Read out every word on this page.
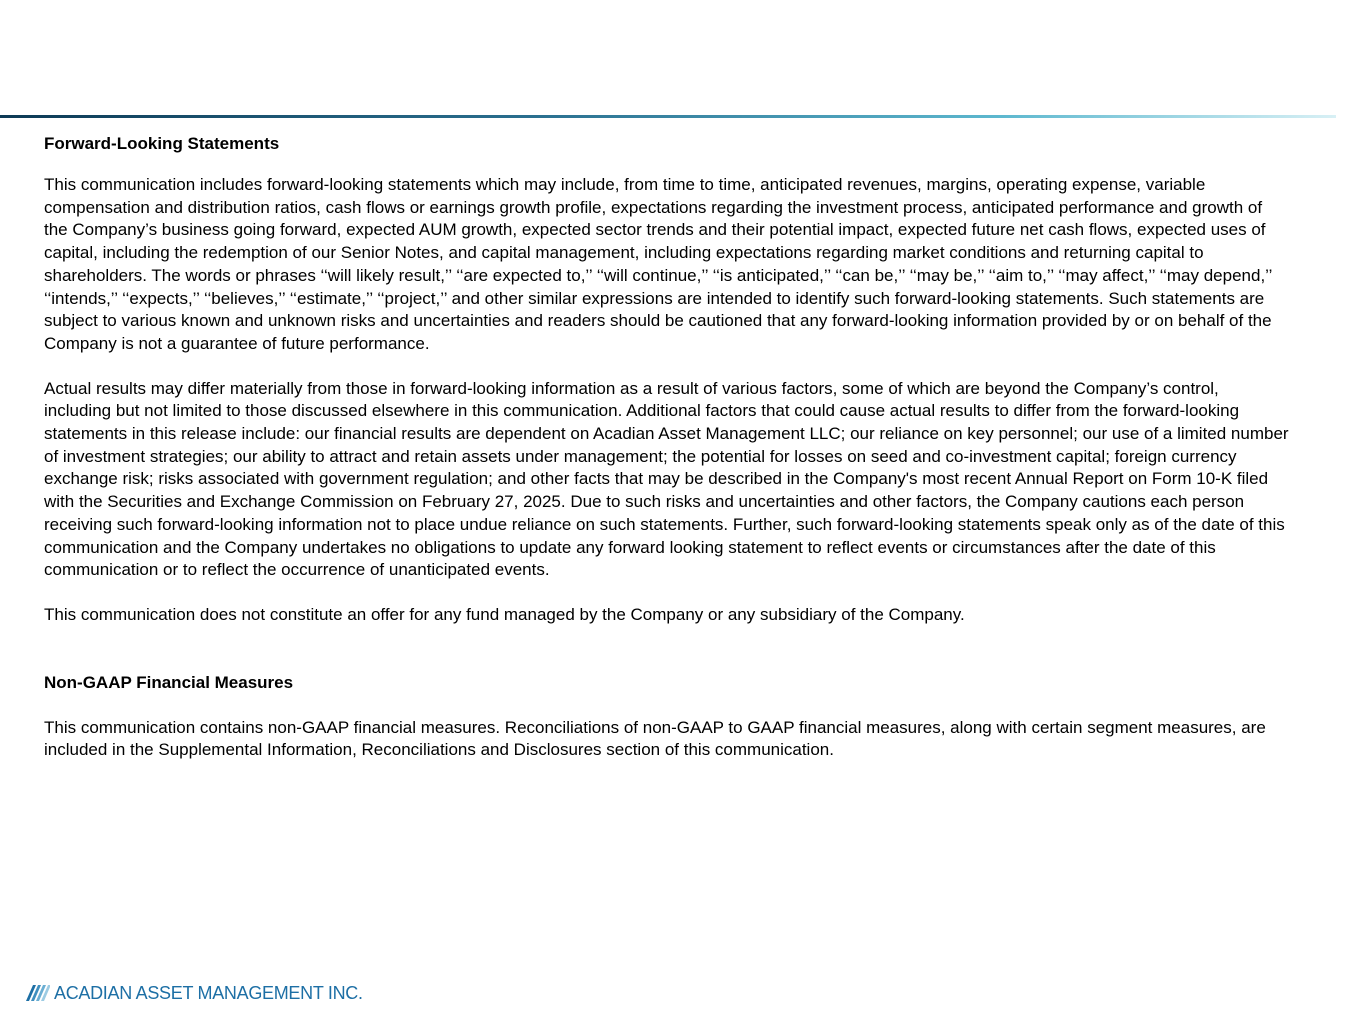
Forward-Looking Statements

This communication includes forward-looking statements which may include, from time to time, anticipated revenues, margins, operating expense, variable compensation and distribution ratios, cash flows or earnings growth profile, expectations regarding the investment process, anticipated performance and growth of the Company’s business going forward, expected AUM growth, expected sector trends and their potential impact, expected future net cash flows, expected uses of capital, including the redemption of our Senior Notes, and capital management, including expectations regarding market conditions and returning capital to shareholders. The words or phrases ‘‘will likely result,’’ ‘‘are expected to,’’ ‘‘will continue,’’ ‘‘is anticipated,’’ ‘‘can be,’’ ‘‘may be,’’ ‘‘aim to,’’ ‘‘may affect,’’ ‘‘may depend,’’ ‘‘intends,’’ ‘‘expects,’’ ‘‘believes,’’ ‘‘estimate,’’ ‘‘project,’’ and other similar expressions are intended to identify such forward-looking statements. Such statements are subject to various known and unknown risks and uncertainties and readers should be cautioned that any forward-looking information provided by or on behalf of the Company is not a guarantee of future performance.

Actual results may differ materially from those in forward-looking information as a result of various factors, some of which are beyond the Company’s control, including but not limited to those discussed elsewhere in this communication. Additional factors that could cause actual results to differ from the forward-looking statements in this release include: our financial results are dependent on Acadian Asset Management LLC; our reliance on key personnel; our use of a limited number of investment strategies; our ability to attract and retain assets under management; the potential for losses on seed and co-investment capital; foreign currency exchange risk; risks associated with government regulation; and other facts that may be described in the Company's most recent Annual Report on Form 10-K filed with the Securities and Exchange Commission on February 27, 2025. Due to such risks and uncertainties and other factors, the Company cautions each person receiving such forward-looking information not to place undue reliance on such statements. Further, such forward-looking statements speak only as of the date of this communication and the Company undertakes no obligations to update any forward looking statement to reflect events or circumstances after the date of this communication or to reflect the occurrence of unanticipated events.

This communication does not constitute an offer for any fund managed by the Company or any subsidiary of the Company.

Non-GAAP Financial Measures

This communication contains non-GAAP financial measures. Reconciliations of non-GAAP to GAAP financial measures, along with certain segment measures, are included in the Supplemental Information, Reconciliations and Disclosures section of this communication.

ACADIAN ASSET MANAGEMENT INC.
